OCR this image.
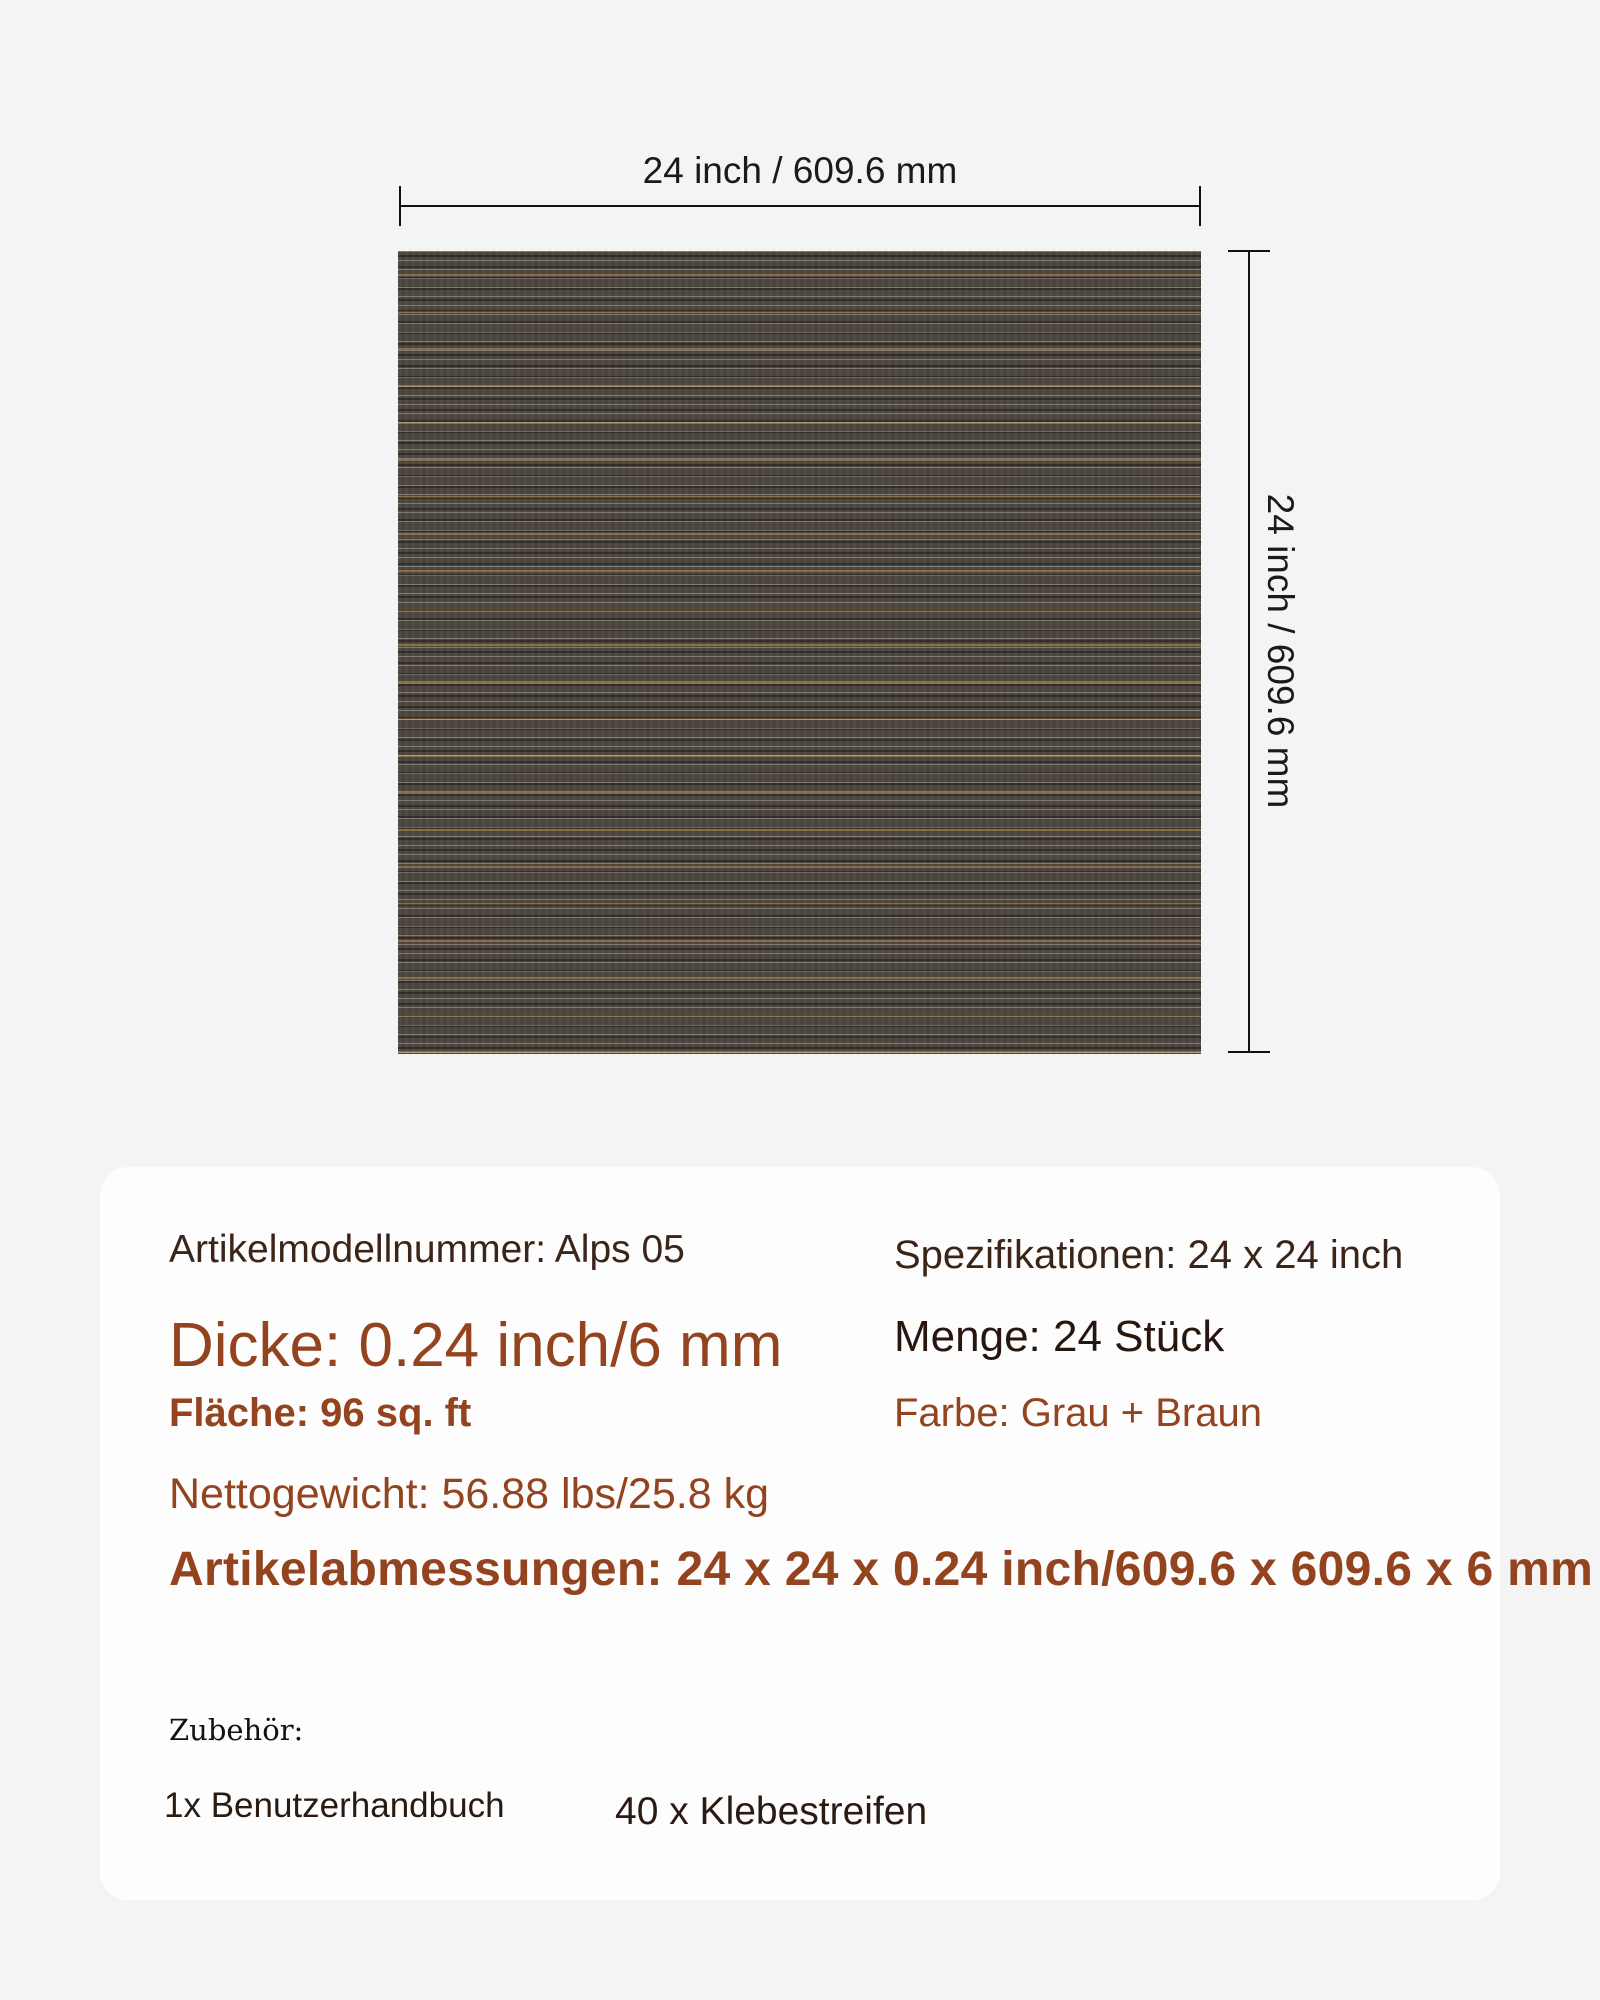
24 inch / 609.6 mm
24 inch / 609.6 mm
Artikelmodellnummer: Alps 05	Spezifikationen: 24 x 24 inch
Dicke: 0.24 inch/6 mm	Menge: 24 Stück
Fläche: 96 sq. ft	Farbe: Grau + Braun
Nettogewicht: 56.88 lbs/25.8 kg
Artikelabmessungen: 24 x 24 x 0.24 inch/609.6 x 609.6 x 6 mm
Zubehör:
1x Benutzerhandbuch	40 x Klebestreifen
